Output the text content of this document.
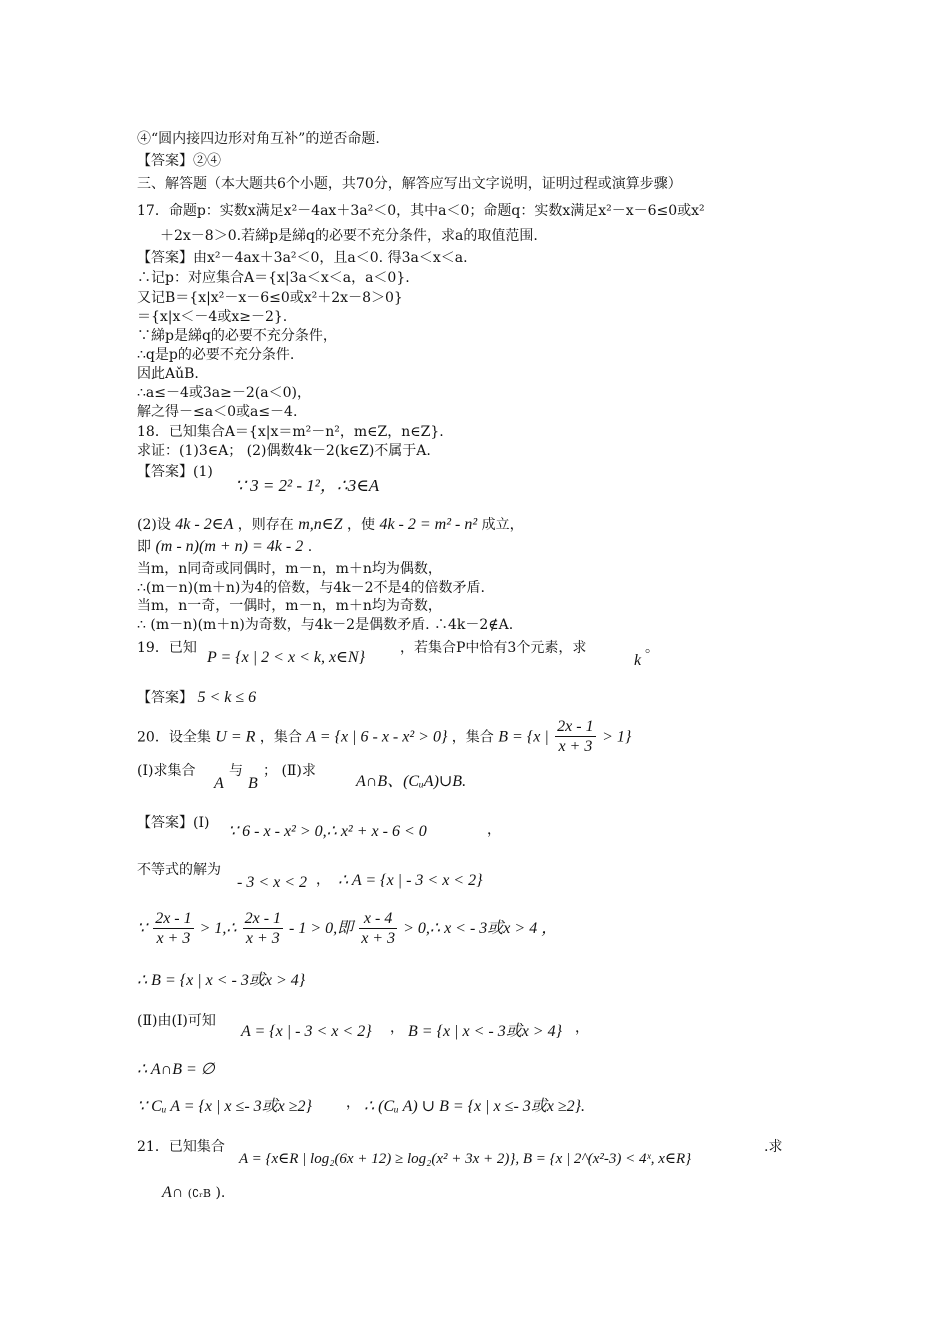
④“圆内接四边形对角互补”的逆否命题.
【答案】②④
三、解答题（本大题共6个小题，共70分，解答应写出文字说明，证明过程或演算步骤）
17．命题p：实数x满足x²－4ax＋3a²＜0，其中a＜0；命题q：实数x满足x²－x－6≤0或x²
＋2x－8＞0.若綈p是綈q的必要不充分条件，求a的取值范围.
【答案】由x²－4ax＋3a²＜0，且a＜0. 得3a＜x＜a.
∴记p：对应集合A＝{x|3a＜x＜a，a＜0}.
又记B＝{x|x²－x－6≤0或x²＋2x－8＞0}
＝{x|x＜－4或x≥－2}.
∵綈p是綈q的必要不充分条件，
∴q是p的必要不充分条件.
因此AǔB.
∴a≤－4或3a≥－2(a＜0)，
解之得－≤a＜0或a≤－4.
18．已知集合A＝{x|x＝m²－n²，m∈Z，n∈Z}.
求证：(1)3∈A； (2)偶数4k－2(k∈Z)不属于A.
【答案】(1)
∵ 3 = 2² - 1²，∴3∈A
(2)设 4k - 2∈A ，则存在 m,n∈Z ，使 4k - 2 = m² - n² 成立，
即 (m - n)(m + n) = 4k - 2 .
当m，n同奇或同偶时，m－n，m＋n均为偶数，
∴(m－n)(m＋n)为4的倍数，与4k－2不是4的倍数矛盾.
当m，n一奇，一偶时，m－n，m＋n均为奇数，
∴ (m－n)(m＋n)为奇数，与4k－2是偶数矛盾. ∴4k－2∉A.
19．已知
P = {x | 2 < x < k, x∈N}
，若集合P中恰有3个元素，求
k
。
【答案】 5 < k ≤ 6
20．设全集 U = R ，集合 A = {x | 6 - x - x² > 0} ，集合 B = {x | $\frac{2x - 1}{x + 3} > 1$}
(Ⅰ)求集合
A
与
B
； (Ⅱ)求
A∩B、(CᵤA)∪B.
【答案】(Ⅰ) ∵ 6 - x - x² > 0,∴ x² + x - 6 < 0	，
不等式的解为
- 3 < x < 2 ， ∴ A = {x | - 3 < x < 2}
∵ $\frac{2x - 1}{x + 3}$ > 1,∴ $\frac{2x - 1}{x + 3} - 1 > 0$,即 $\frac{x - 4}{x + 3}$ > 0,∴ x < - 3或x > 4 ，
∴ B = {x | x < - 3或x > 4}
(Ⅱ)由(Ⅰ)可知
A = {x | - 3 < x < 2} ， B = {x | x < - 3或x > 4} ，
∴ A∩B = ∅
∵ Cᵤ A = {x | x ≤- 3或x ≥2} ， ∴ (Cᵤ A) ∪ B = {x | x ≤- 3或x ≥2}.
21．已知集合
A = {x∈R | log₂(6x + 12) ≥ log₂(x² + 3x + 2)}, B = {x | 2^(x²-3) < 4ˣ, x∈R}
.求
A∩ (∁ᵣB ).
